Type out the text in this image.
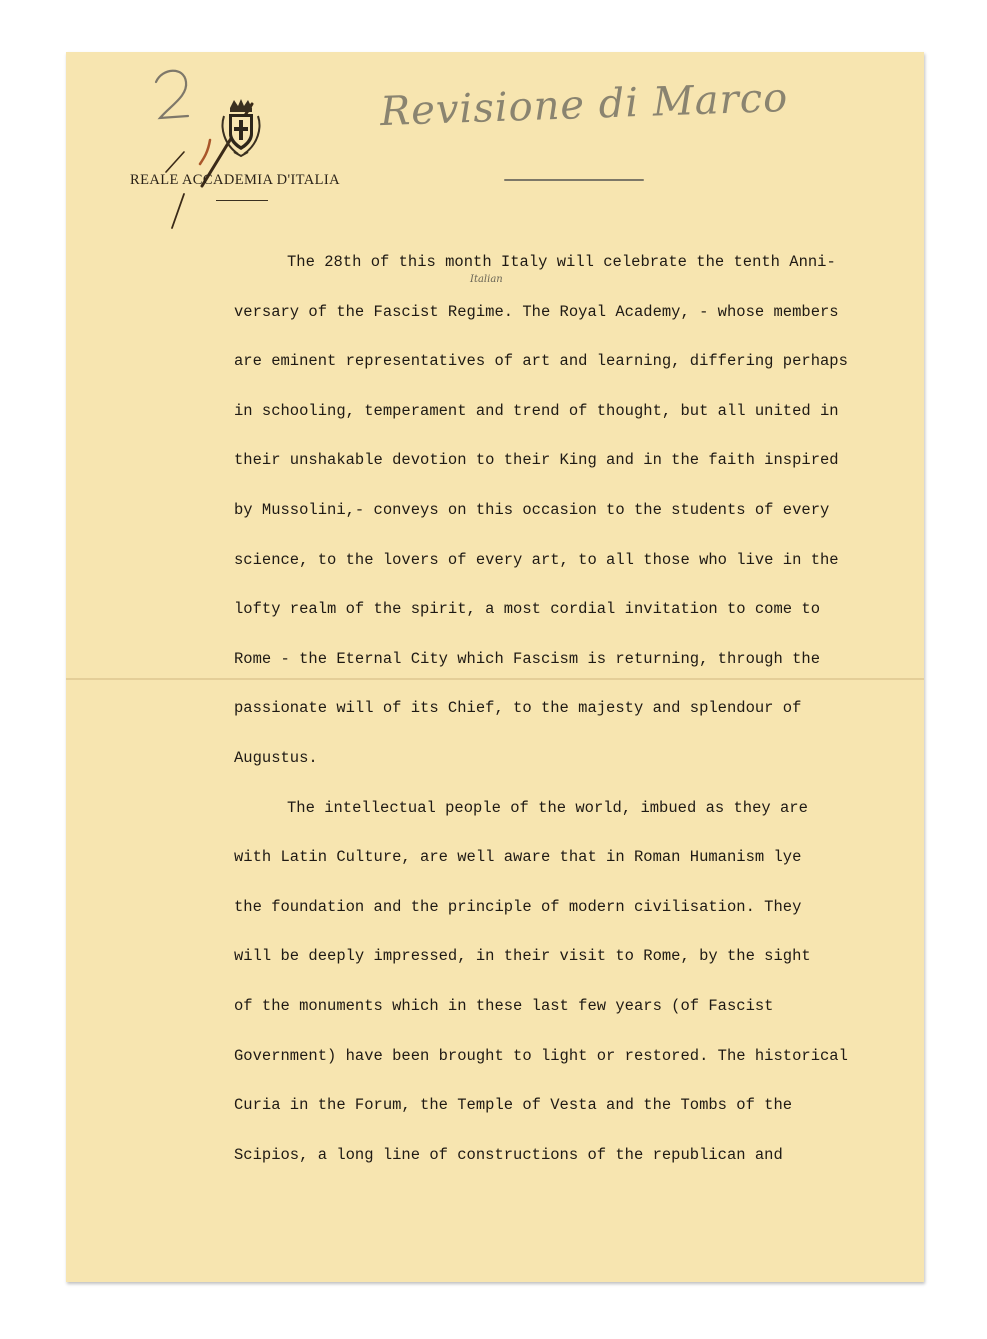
REALE ACCADEMIA D'ITALIA
Revisione di Marco
Italian
The 28th of this month Italy will celebrate the tenth Anni-
versary of the Fascist Regime. The Royal Academy, - whose members
are eminent representatives of art and learning, differing perhaps
in schooling, temperament and trend of thought, but all united in
their unshakable devotion to their King and in the faith inspired
by Mussolini,- conveys on this occasion to the students of every
science, to the lovers of every art, to all those who live in the
lofty realm of the spirit, a most cordial invitation to come to
Rome - the Eternal City which Fascism is returning, through the
passionate will of its Chief, to the majesty and splendour of
Augustus.
The intellectual people of the world, imbued as they are
with Latin Culture, are well aware that in Roman Humanism lye
the foundation and the principle of modern civilisation. They
will be deeply impressed, in their visit to Rome, by the sight
of the monuments which in these last few years (of Fascist
Government) have been brought to light or restored. The historical
Curia in the Forum, the Temple of Vesta and the Tombs of the
Scipios, a long line of constructions of the republican and
